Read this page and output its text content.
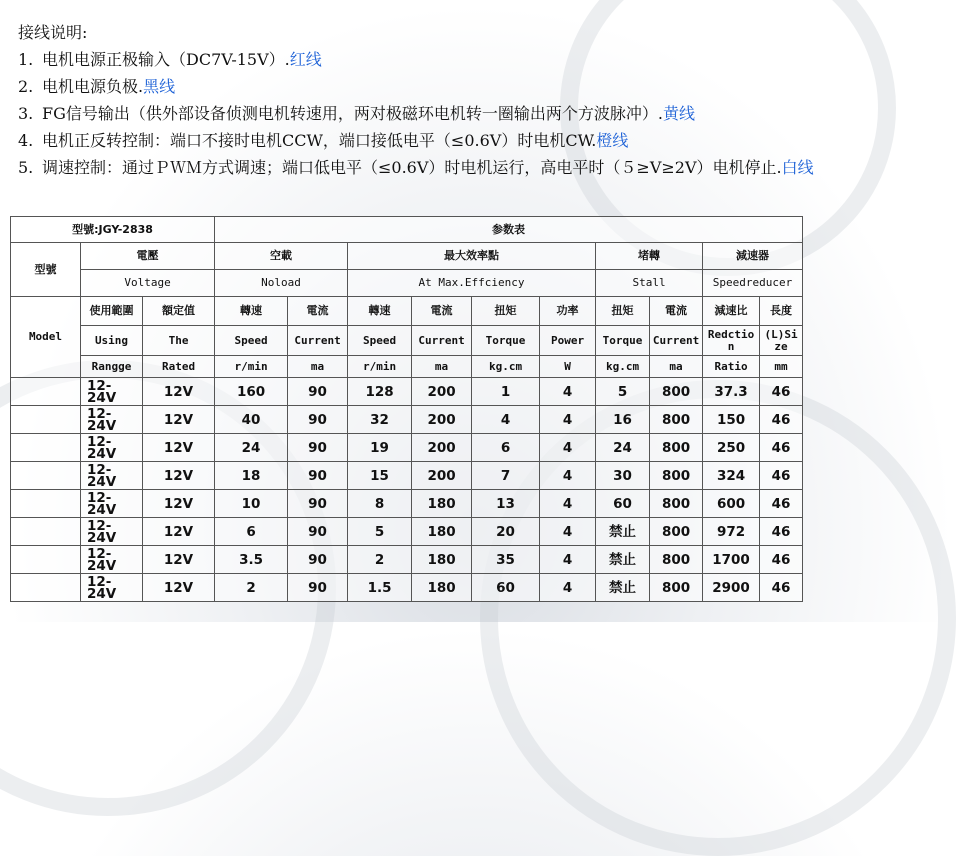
接线说明:
1. 电机电源正极输入（DC7V-15V）.红线
2. 电机电源负极.黑线
3. FG信号输出（供外部设备侦测电机转速用，两对极磁环电机转一圈输出两个方波脉冲）.黄线
4. 电机正反转控制：端口不接时电机CCW，端口接低电平（≤0.6V）时电机CW.橙线
5. 调速控制：通过ＰＷＭ方式调速；端口低电平（≤0.6V）时电机运行，高电平时（５≥V≥2V）电机停止.白线
型號:JGY-2838			参数表									
型號	電壓		空載		最大效率點				堵轉		減速器	
	Voltage		Noload		At Max.Effciency				Stall		Speedreducer	
Model	使用範圍	額定值	轉速	電流	轉速	電流	扭矩	功率	扭矩	電流	減速比	長度
	Using	The	Speed	Current	Speed	Current	Torque	Power	Torque	Current	Redctio n	(L)Si ze
	Rangge	Rated	r/min	ma	r/min	ma	kg.cm	W	kg.cm	ma	Ratio	mm
	12-24V	12V	160	90	128	200	1	4	5	800	37.3	46
	12-24V	12V	40	90	32	200	4	4	16	800	150	46
	12-24V	12V	24	90	19	200	6	4	24	800	250	46
	12-24V	12V	18	90	15	200	7	4	30	800	324	46
	12-24V	12V	10	90	8	180	13	4	60	800	600	46
	12-24V	12V	6	90	5	180	20	4	禁止	800	972	46
	12-24V	12V	3.5	90	2	180	35	4	禁止	800	1700	46
	12-24V	12V	2	90	1.5	180	60	4	禁止	800	2900	46
